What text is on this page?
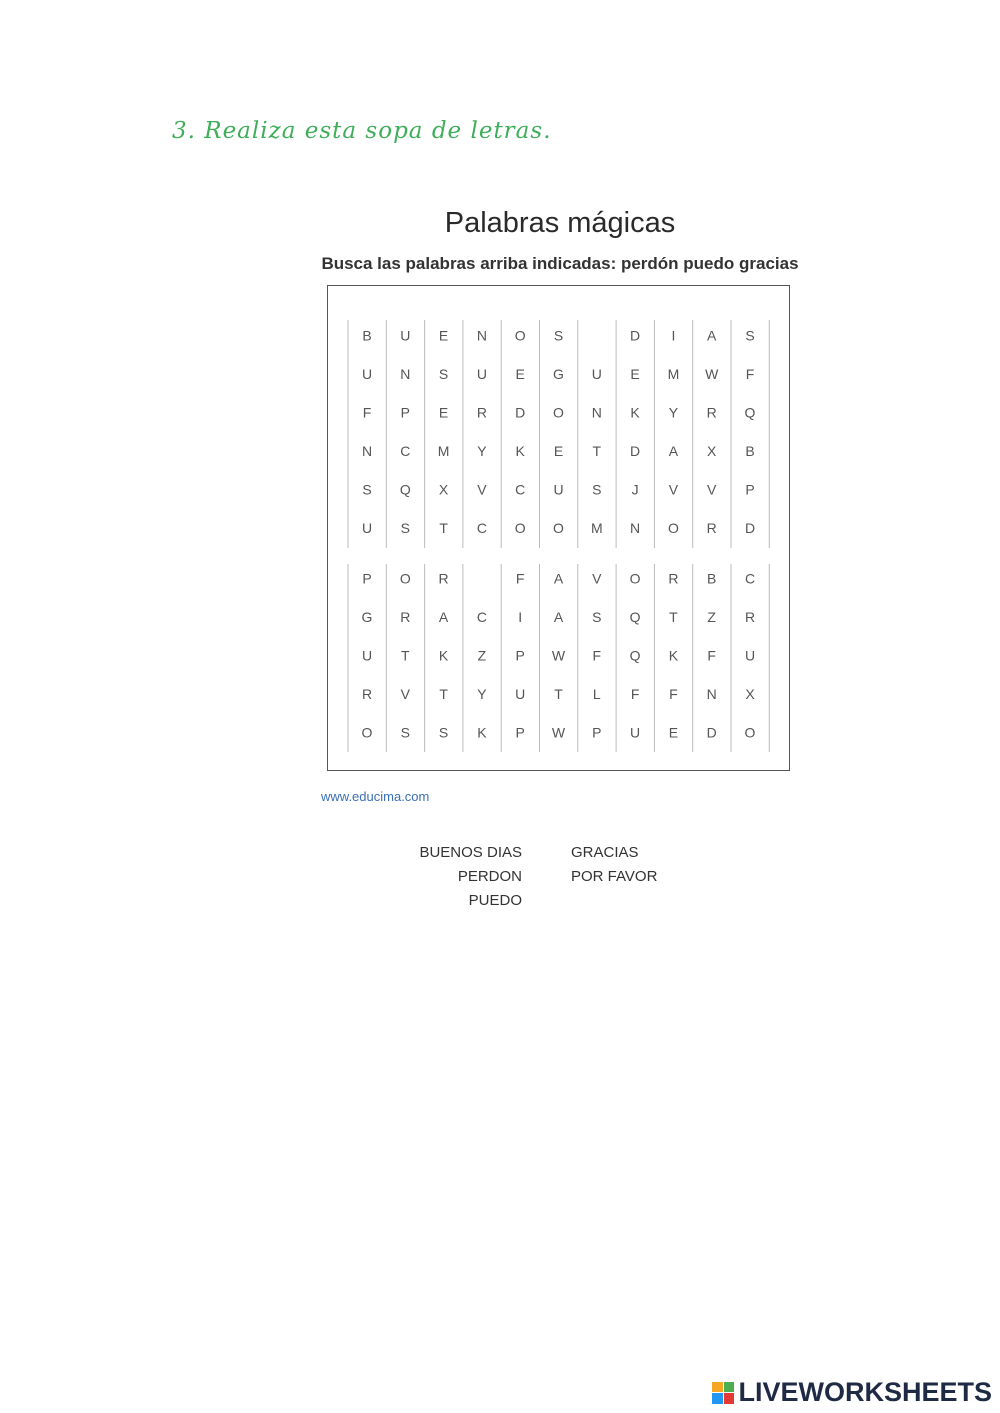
3. Realiza esta sopa de letras.
Palabras mágicas
Busca las palabras arriba indicadas: perdón puedo gracias
B U E N O S	D I A S
U N S U E G U E M W F
F P E R D O N K Y R Q
N C M Y K E T D A X B
S Q X V C U S J V V P
U S T C O O M N O R D
P O R	F A V O R B C
G R A C I A S Q T Z R
U T K Z P W F Q K F U
R V T Y U T L F F N X
O S S K P W P U E D O
www.educima.com
BUENOS DIAS
PERDON
PUEDO
GRACIAS
POR FAVOR
LIVEWORKSHEETS
